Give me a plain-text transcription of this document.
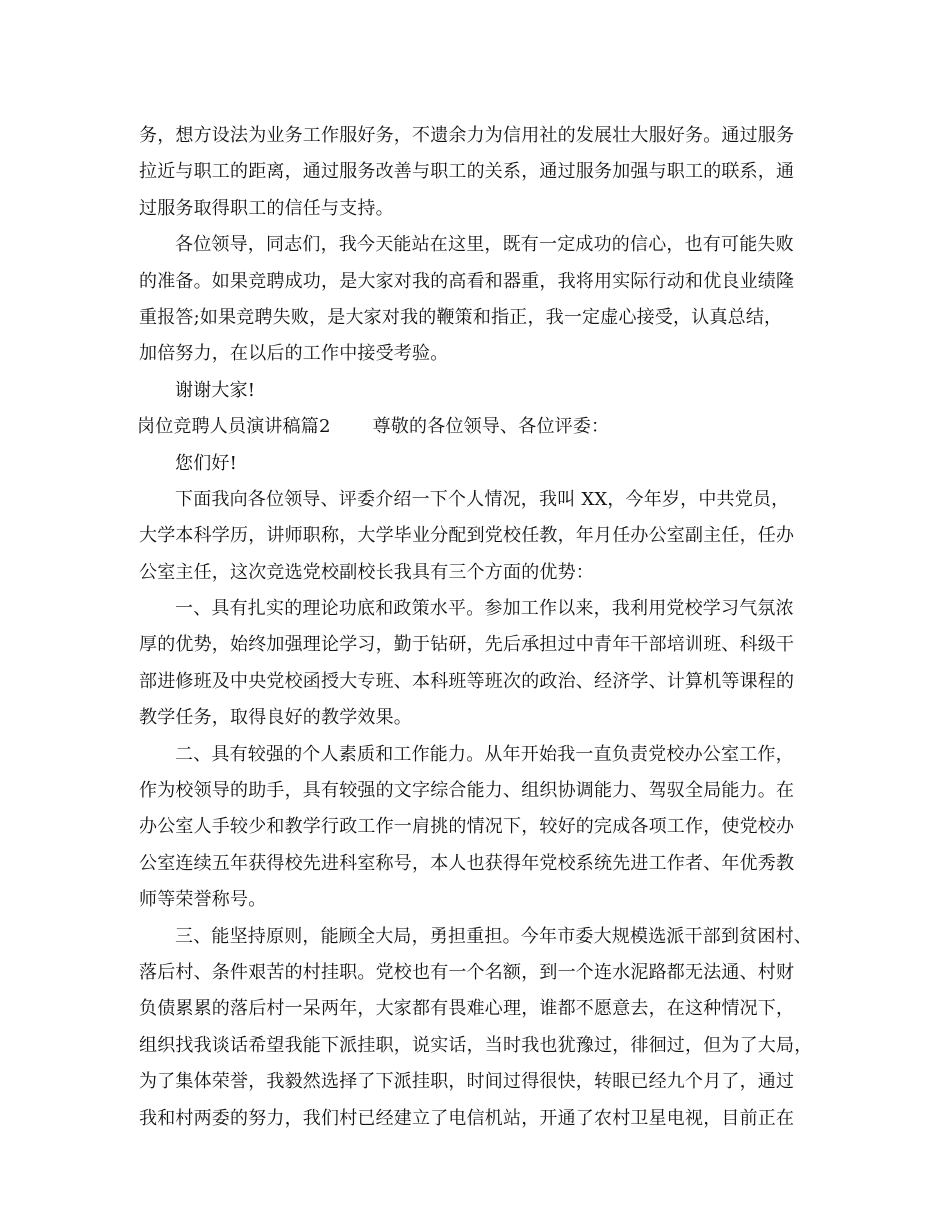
务，想方设法为业务工作服好务，不遗余力为信用社的发展壮大服好务。通过服务
拉近与职工的距离，通过服务改善与职工的关系，通过服务加强与职工的联系，通
过服务取得职工的信任与支持。
各位领导，同志们，我今天能站在这里，既有一定成功的信心，也有可能失败
的准备。如果竞聘成功，是大家对我的高看和器重，我将用实际行动和优良业绩隆
重报答;如果竞聘失败，是大家对我的鞭策和指正，我一定虚心接受，认真总结，
加倍努力，在以后的工作中接受考验。
谢谢大家!
岗位竞聘人员演讲稿篇2 尊敬的各位领导、各位评委：
您们好!
下面我向各位领导、评委介绍一下个人情况，我叫 XX，今年岁，中共党员，
大学本科学历，讲师职称，大学毕业分配到党校任教，年月任办公室副主任，任办
公室主任，这次竞选党校副校长我具有三个方面的优势：
一、具有扎实的理论功底和政策水平。参加工作以来，我利用党校学习气氛浓
厚的优势，始终加强理论学习，勤于钻研，先后承担过中青年干部培训班、科级干
部进修班及中央党校函授大专班、本科班等班次的政治、经济学、计算机等课程的
教学任务，取得良好的教学效果。
二、具有较强的个人素质和工作能力。从年开始我一直负责党校办公室工作，
作为校领导的助手，具有较强的文字综合能力、组织协调能力、驾驭全局能力。在
办公室人手较少和教学行政工作一肩挑的情况下，较好的完成各项工作，使党校办
公室连续五年获得校先进科室称号，本人也获得年党校系统先进工作者、年优秀教
师等荣誉称号。
三、能坚持原则，能顾全大局，勇担重担。今年市委大规模选派干部到贫困村、
落后村、条件艰苦的村挂职。党校也有一个名额，到一个连水泥路都无法通、村财
负债累累的落后村一呆两年，大家都有畏难心理，谁都不愿意去，在这种情况下，
组织找我谈话希望我能下派挂职，说实话，当时我也犹豫过，徘徊过，但为了大局，
为了集体荣誉，我毅然选择了下派挂职，时间过得很快，转眼已经九个月了，通过
我和村两委的努力，我们村已经建立了电信机站，开通了农村卫星电视，目前正在
